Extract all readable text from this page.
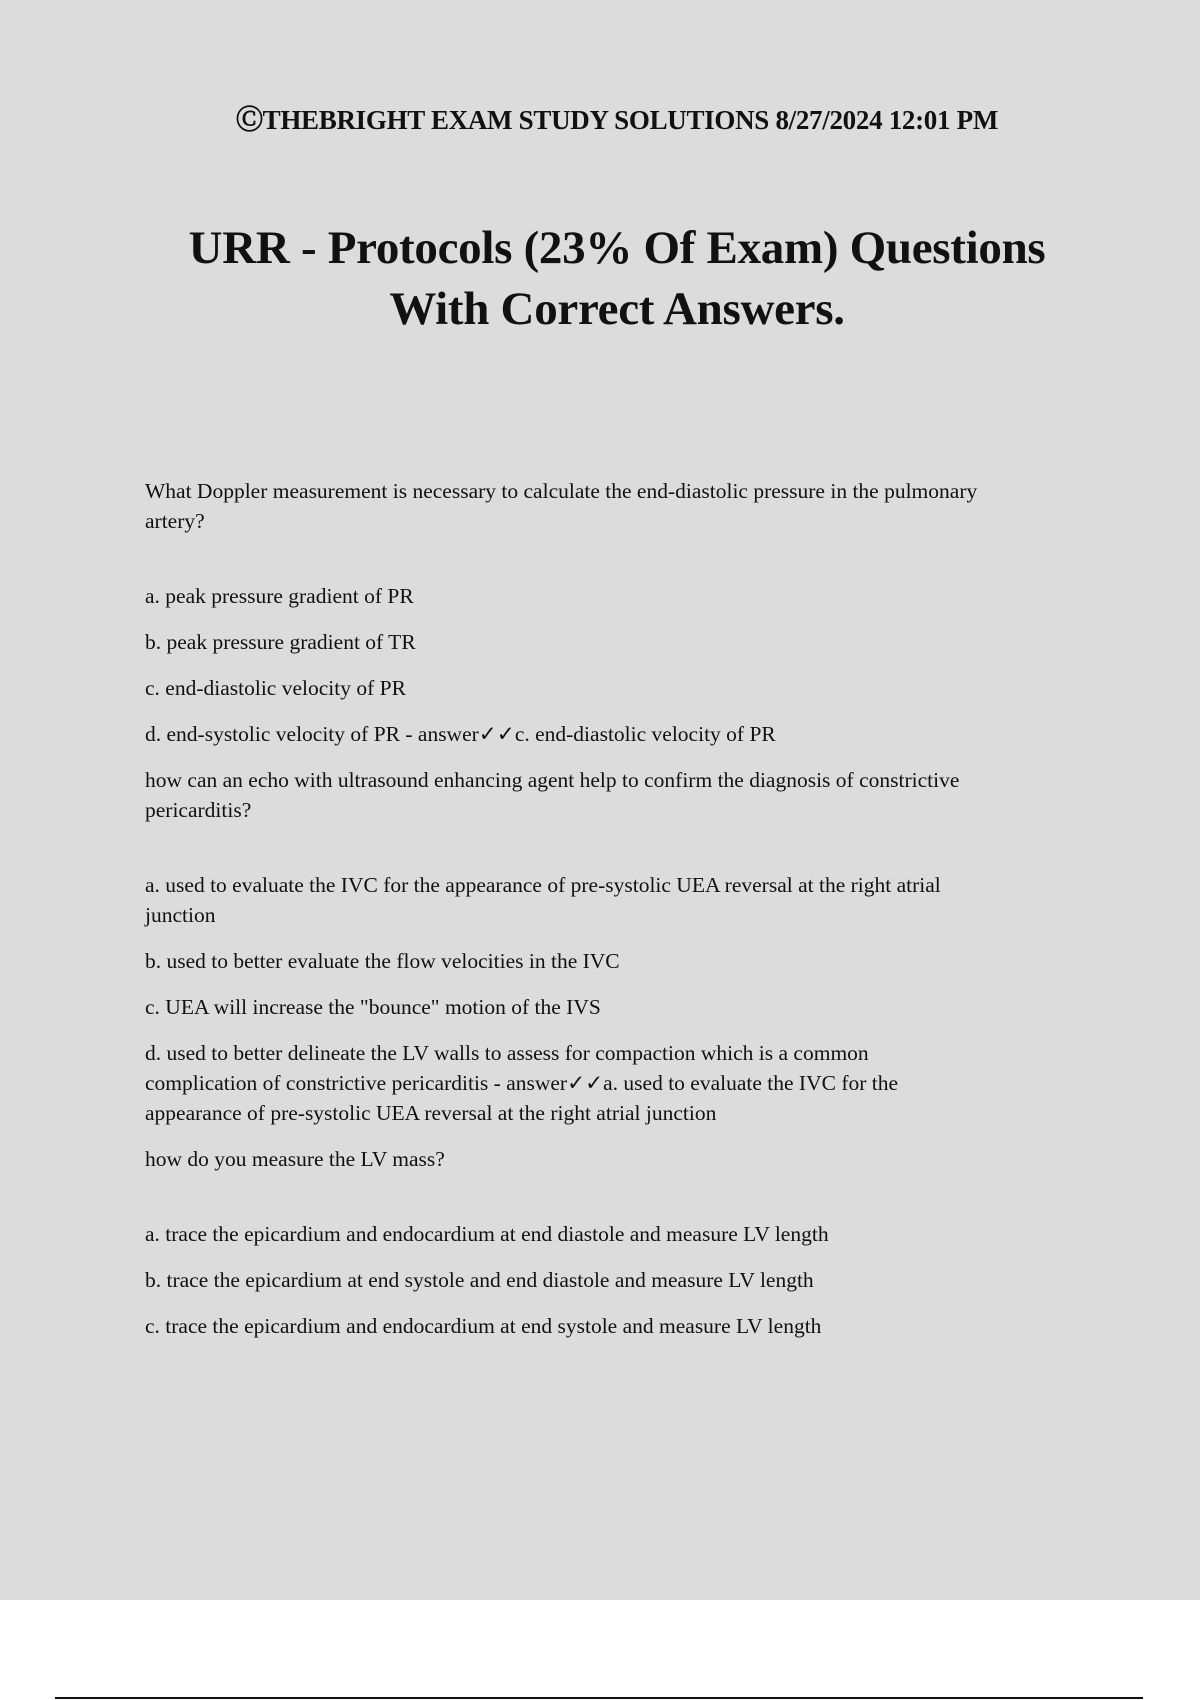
ⒸTHEBRIGHT EXAM STUDY SOLUTIONS 8/27/2024 12:01 PM
URR - Protocols (23% Of Exam) Questions
With Correct Answers.

What Doppler measurement is necessary to calculate the end-diastolic pressure in the pulmonary
artery?

a. peak pressure gradient of PR

b. peak pressure gradient of TR

c. end-diastolic velocity of PR

d. end-systolic velocity of PR - answer✓✓c. end-diastolic velocity of PR

how can an echo with ultrasound enhancing agent help to confirm the diagnosis of constrictive
pericarditis?

a. used to evaluate the IVC for the appearance of pre-systolic UEA reversal at the right atrial
junction

b. used to better evaluate the flow velocities in the IVC

c. UEA will increase the "bounce" motion of the IVS

d. used to better delineate the LV walls to assess for compaction which is a common
complication of constrictive pericarditis - answer✓✓a. used to evaluate the IVC for the
appearance of pre-systolic UEA reversal at the right atrial junction

how do you measure the LV mass?

a. trace the epicardium and endocardium at end diastole and measure LV length

b. trace the epicardium at end systole and end diastole and measure LV length

c. trace the epicardium and endocardium at end systole and measure LV length
